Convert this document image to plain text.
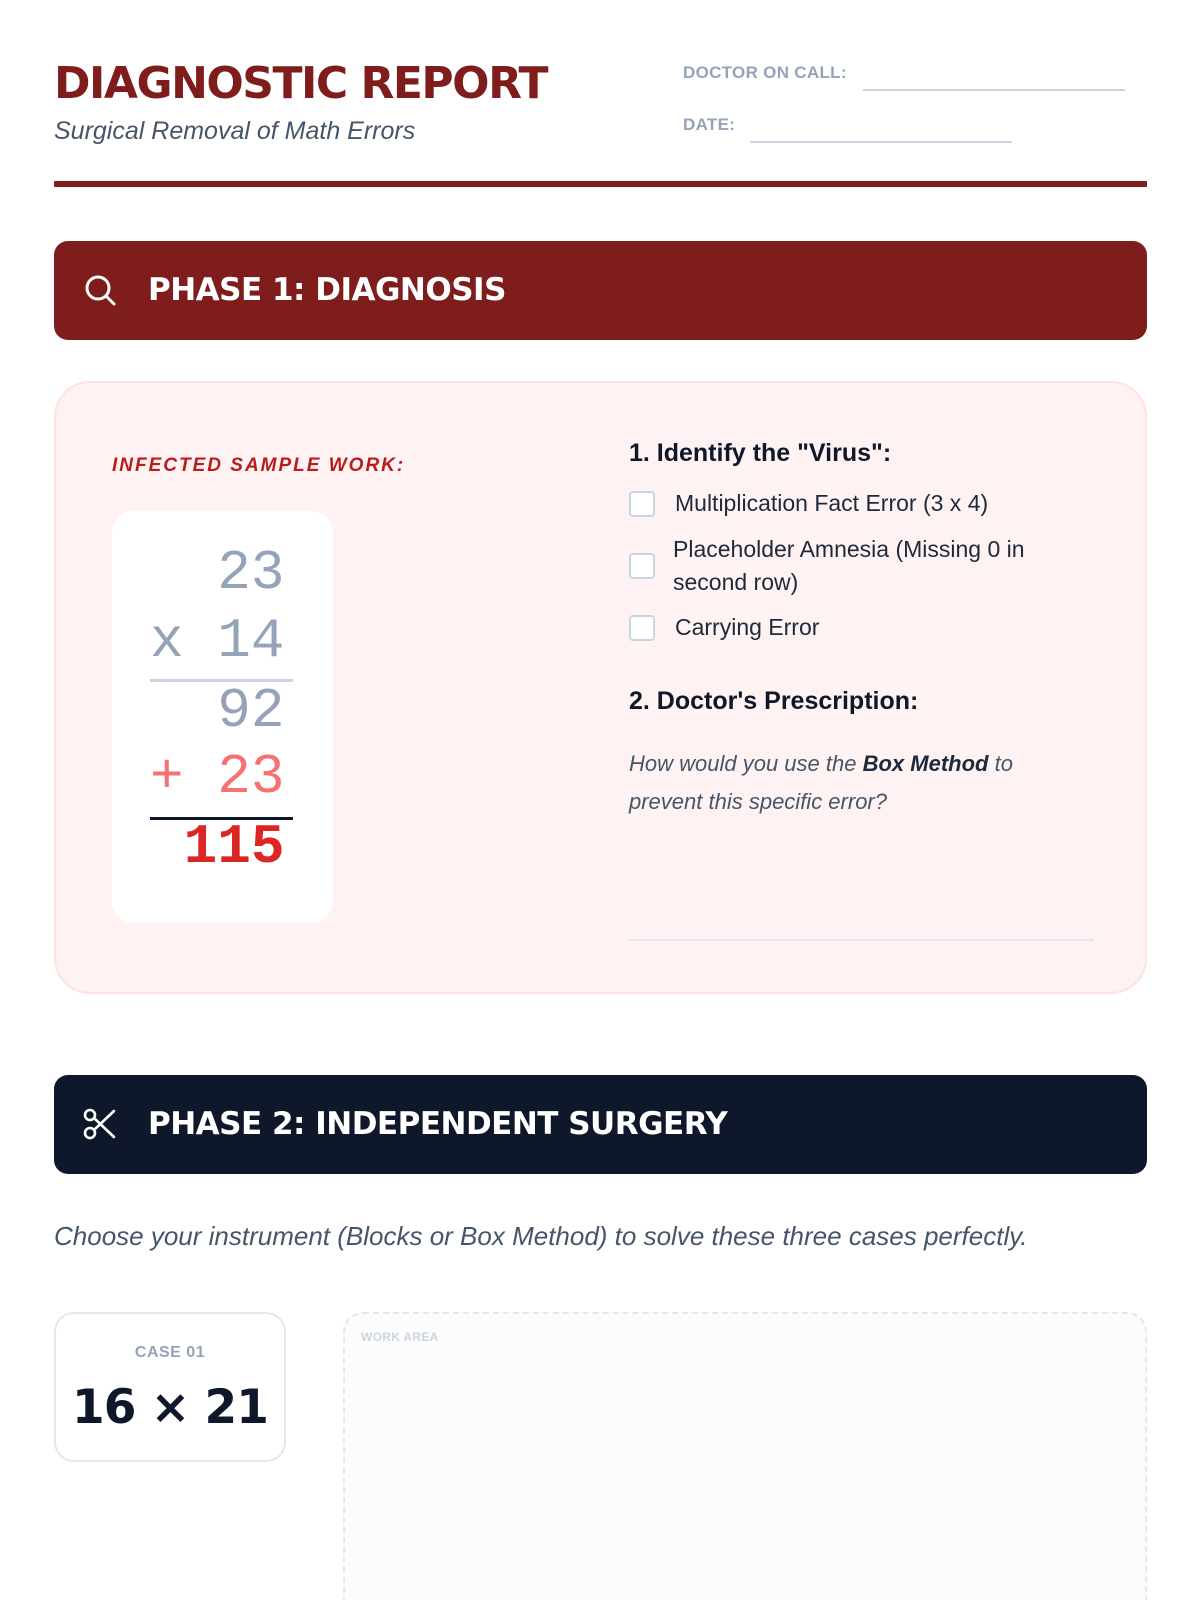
DIAGNOSTIC REPORT
Surgical Removal of Math Errors
DOCTOR ON CALL:
DATE:
PHASE 1: DIAGNOSIS
INFECTED SAMPLE WORK:
23
x 14
92
+ 23
115
1. Identify the "Virus":
Multiplication Fact Error (3 x 4)
Placeholder Amnesia (Missing 0 in second row)
Carrying Error
2. Doctor's Prescription:
How would you use the Box Method to prevent this specific error?
PHASE 2: INDEPENDENT SURGERY
Choose your instrument (Blocks or Box Method) to solve these three cases perfectly.
CASE 01
16 × 21
WORK AREA
